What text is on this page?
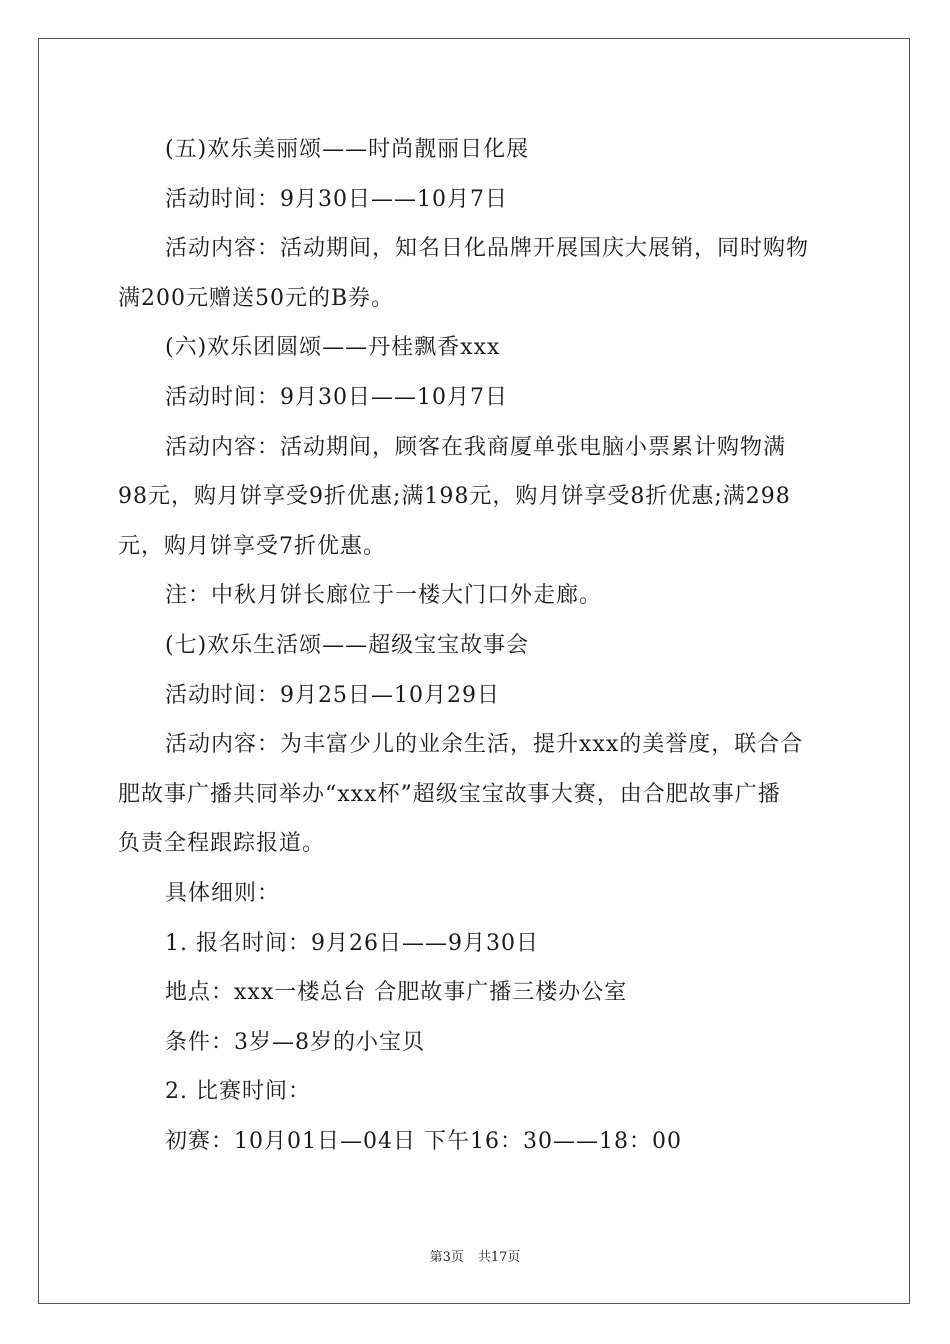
(五)欢乐美丽颂——时尚靓丽日化展
活动时间：9月30日——10月7日
活动内容：活动期间，知名日化品牌开展国庆大展销，同时购物
满200元赠送50元的B券。
(六)欢乐团圆颂——丹桂飘香xxx
活动时间：9月30日——10月7日
活动内容：活动期间，顾客在我商厦单张电脑小票累计购物满
98元，购月饼享受9折优惠;满198元，购月饼享受8折优惠;满298
元，购月饼享受7折优惠。
注：中秋月饼长廊位于一楼大门口外走廊。
(七)欢乐生活颂——超级宝宝故事会
活动时间：9月25日—10月29日
活动内容：为丰富少儿的业余生活，提升xxx的美誉度，联合合
肥故事广播共同举办“xxx杯”超级宝宝故事大赛，由合肥故事广播
负责全程跟踪报道。
具体细则：
1. 报名时间：9月26日——9月30日
地点：xxx一楼总台 合肥故事广播三楼办公室
条件：3岁—8岁的小宝贝
2. 比赛时间：
初赛：10月01日—04日 下午16：30——18：00
第3页 共17页
